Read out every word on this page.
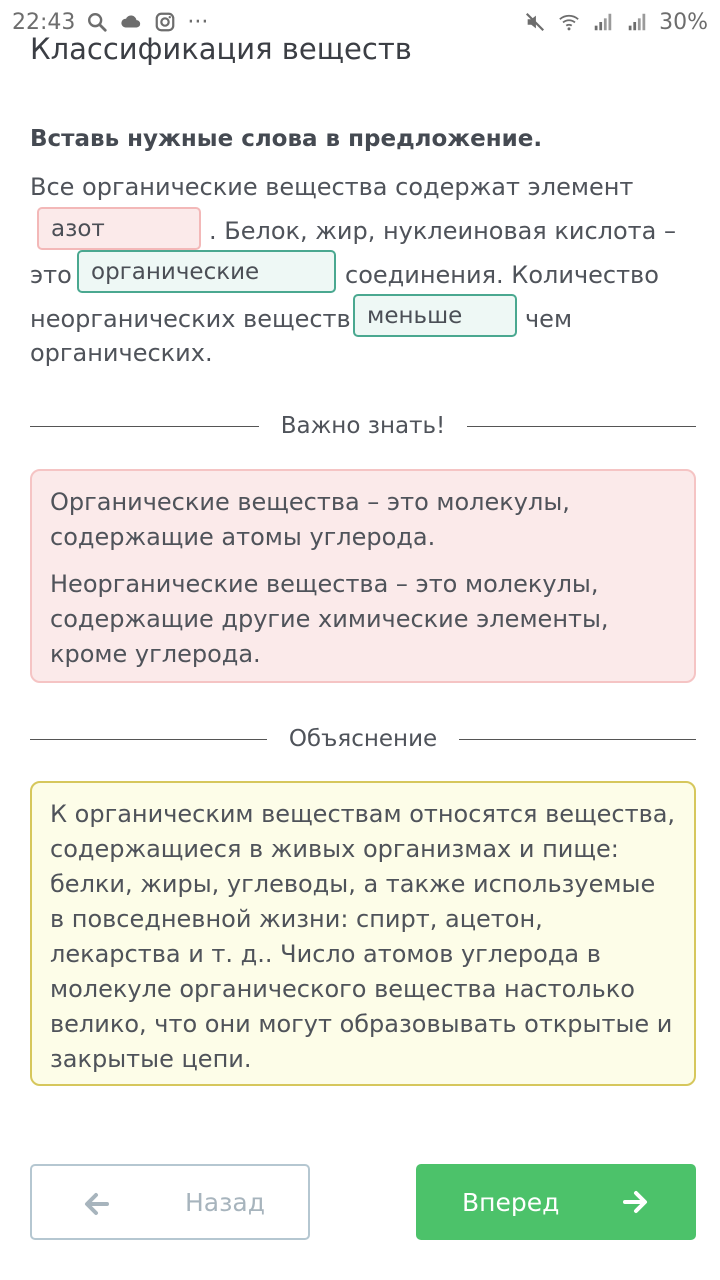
22:43	···	30%
Классификация веществ
Вставь нужные слова в предложение.
Все органические вещества содержат элемент
азот	. Белок, жир, нуклеиновая кислота –
это органические	соединения. Количество
неорганических веществ меньше	чем
органических.
Важно знать!

Органические вещества – это молекулы, содержащие атомы углерода.

Неорганические вещества – это молекулы, содержащие другие химические элементы, кроме углерода.

Объяснение

К органическим веществам относятся вещества, содержащиеся в живых организмах и пище: белки, жиры, углеводы, а также используемые в повседневной жизни: спирт, ацетон, лекарства и т. д.. Число атомов углерода в молекуле органического вещества настолько велико, что они могут образовывать открытые и закрытые цепи.

Назад	Вперед
